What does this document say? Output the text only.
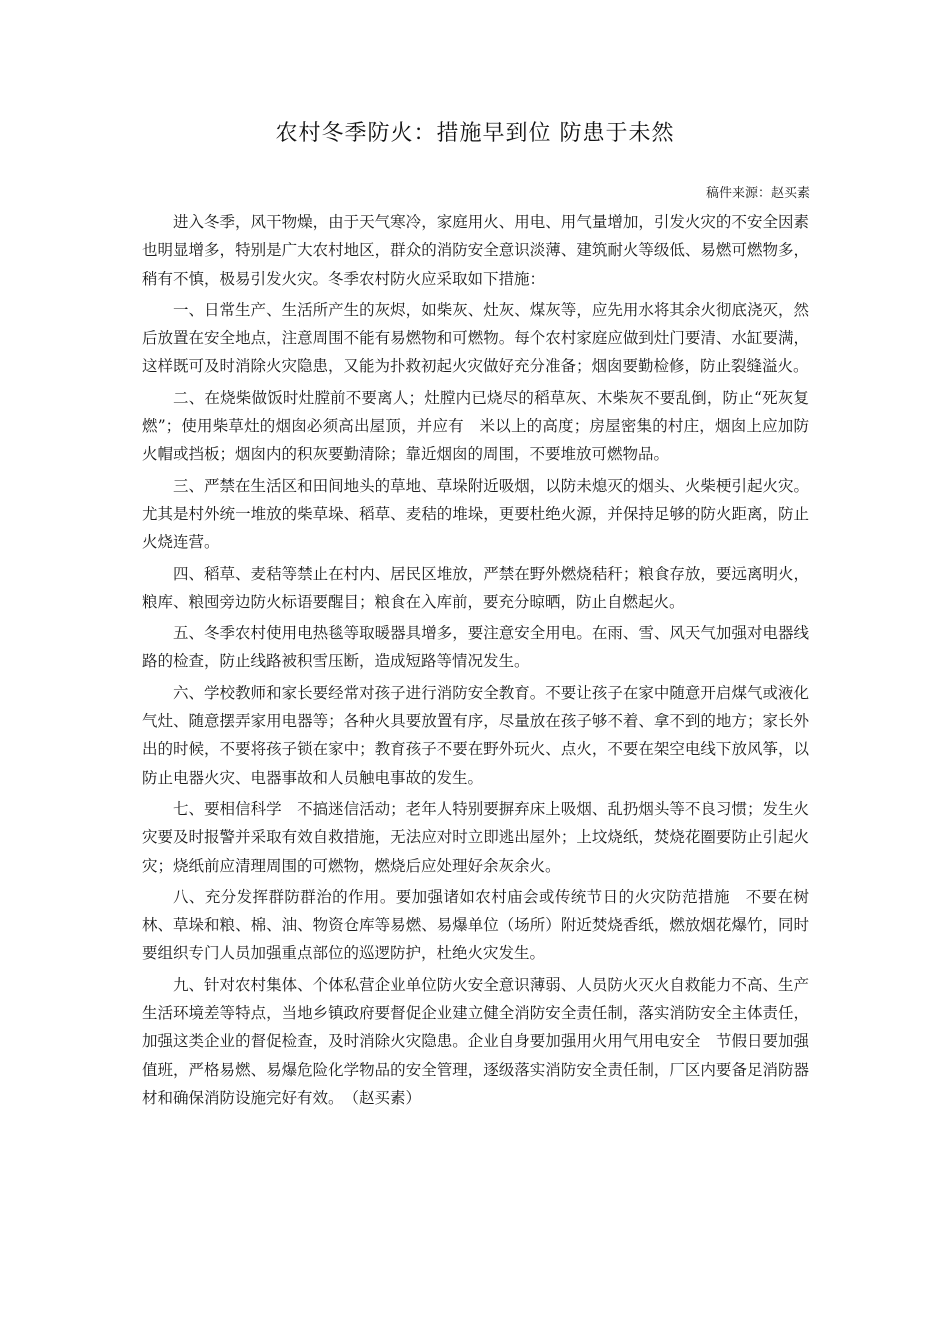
农村冬季防火：措施早到位 防患于未然
稿件来源：赵买素

进入冬季，风干物燥，由于天气寒冷，家庭用火、用电、用气量增加，引发火灾的不安全因素也明显增多，特别是广大农村地区，群众的消防安全意识淡薄、建筑耐火等级低、易燃可燃物多，稍有不慎，极易引发火灾。冬季农村防火应采取如下措施：

一、日常生产、生活所产生的灰烬，如柴灰、灶灰、煤灰等，应先用水将其余火彻底浇灭，然后放置在安全地点，注意周围不能有易燃物和可燃物。每个农村家庭应做到灶门要清、水缸要满，这样既可及时消除火灾隐患，又能为扑救初起火灾做好充分准备；烟囱要勤检修，防止裂缝溢火。

二、在烧柴做饭时灶膛前不要离人；灶膛内已烧尽的稻草灰、木柴灰不要乱倒，防止“死灰复燃”；使用柴草灶的烟囱必须高出屋顶，并应有　米以上的高度；房屋密集的村庄，烟囱上应加防火帽或挡板；烟囱内的积灰要勤清除；靠近烟囱的周围，不要堆放可燃物品。

三、严禁在生活区和田间地头的草地、草垛附近吸烟，以防未熄灭的烟头、火柴梗引起火灾。尤其是村外统一堆放的柴草垛、稻草、麦秸的堆垛，更要杜绝火源，并保持足够的防火距离，防止火烧连营。

四、稻草、麦秸等禁止在村内、居民区堆放，严禁在野外燃烧秸秆；粮食存放，要远离明火，粮库、粮囤旁边防火标语要醒目；粮食在入库前，要充分晾晒，防止自燃起火。

五、冬季农村使用电热毯等取暖器具增多，要注意安全用电。在雨、雪、风天气加强对电器线路的检查，防止线路被积雪压断，造成短路等情况发生。

六、学校教师和家长要经常对孩子进行消防安全教育。不要让孩子在家中随意开启煤气或液化气灶、随意摆弄家用电器等；各种火具要放置有序，尽量放在孩子够不着、拿不到的地方；家长外出的时候，不要将孩子锁在家中；教育孩子不要在野外玩火、点火，不要在架空电线下放风筝，以防止电器火灾、电器事故和人员触电事故的发生。

七、要相信科学　不搞迷信活动；老年人特别要摒弃床上吸烟、乱扔烟头等不良习惯；发生火灾要及时报警并采取有效自救措施，无法应对时立即逃出屋外；上坟烧纸，焚烧花圈要防止引起火灾；烧纸前应清理周围的可燃物，燃烧后应处理好余灰余火。

八、充分发挥群防群治的作用。要加强诸如农村庙会或传统节日的火灾防范措施　不要在树林、草垛和粮、棉、油、物资仓库等易燃、易爆单位（场所）附近焚烧香纸，燃放烟花爆竹，同时要组织专门人员加强重点部位的巡逻防护，杜绝火灾发生。

九、针对农村集体、个体私营企业单位防火安全意识薄弱、人员防火灭火自救能力不高、生产生活环境差等特点，当地乡镇政府要督促企业建立健全消防安全责任制，落实消防安全主体责任，加强这类企业的督促检查，及时消除火灾隐患。企业自身要加强用火用气用电安全　节假日要加强值班，严格易燃、易爆危险化学物品的安全管理，逐级落实消防安全责任制，厂区内要备足消防器材和确保消防设施完好有效。　（赵买素）
